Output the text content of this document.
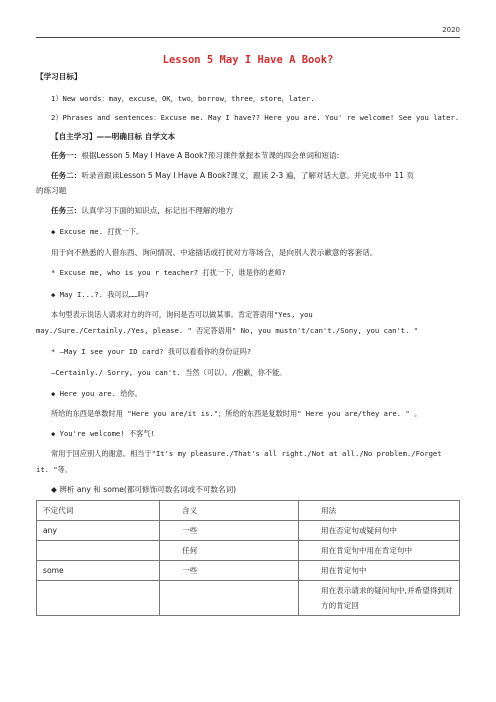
2020
Lesson 5 May I Have A Book?
【学习目标】
1）New words：may，excuse，OK，two，borrow，three，store，later.
2）Phrases and sentences：Excuse me. May I have?? Here you are. You' re welcome! See you later.
【自主学习】——明确目标 自学文本
任务一：根据Lesson 5 May I Have A Book?预习课件掌握本节课的四会单词和短语:
任务二：听录音跟读Lesson 5 May I Have A Book?课文，跟读 2-3 遍，了解对话大意。并完成书中 11 页
的练习题
任务三：认真学习下面的知识点，标记出不理解的地方
◆ Excuse me. 打扰一下。
用于向不熟悉的人借东西、询问情况、中途插话或打扰对方等场合，是向别人表示歉意的客套话。
* Excuse me, who is you r teacher? 打扰一下，谁是你的老师?
◆ May I...?. 我可以……吗?
本句型表示说话人请求对方的许可，询问是否可以做某事。肯定答语用"Yes, you
may./Sure./Certainly./Yes, please. " 否定答语用" No, you mustn't/can't./Sony, you can't. "
* —May I see your ID card? 我可以看看你的身份证吗?
—Certainly./ Sorry, you can't. 当然（可以）。/抱歉，你不能。
◆ Here you are. 给你。
所给的东西是单数时用 "Here you are/it is."；所给的东西是复数时用" Here you are/they are. " 。
◆ You're welcome! 不客气!
常用于回应别人的谢意。相当于"It's my pleasure./That's all right./Not at all./No problem./Forget
it. "等。
◆ 辨析 any 和 some(都可修饰可数名词或不可数名词)
不定代词	含义	用法
any	一些	用在否定句或疑问句中
	任何	用在肯定句中用在肯定句中
some	一些	用在肯定句中
		用在表示请求的疑问句中,并希望得到对方的肯定回
